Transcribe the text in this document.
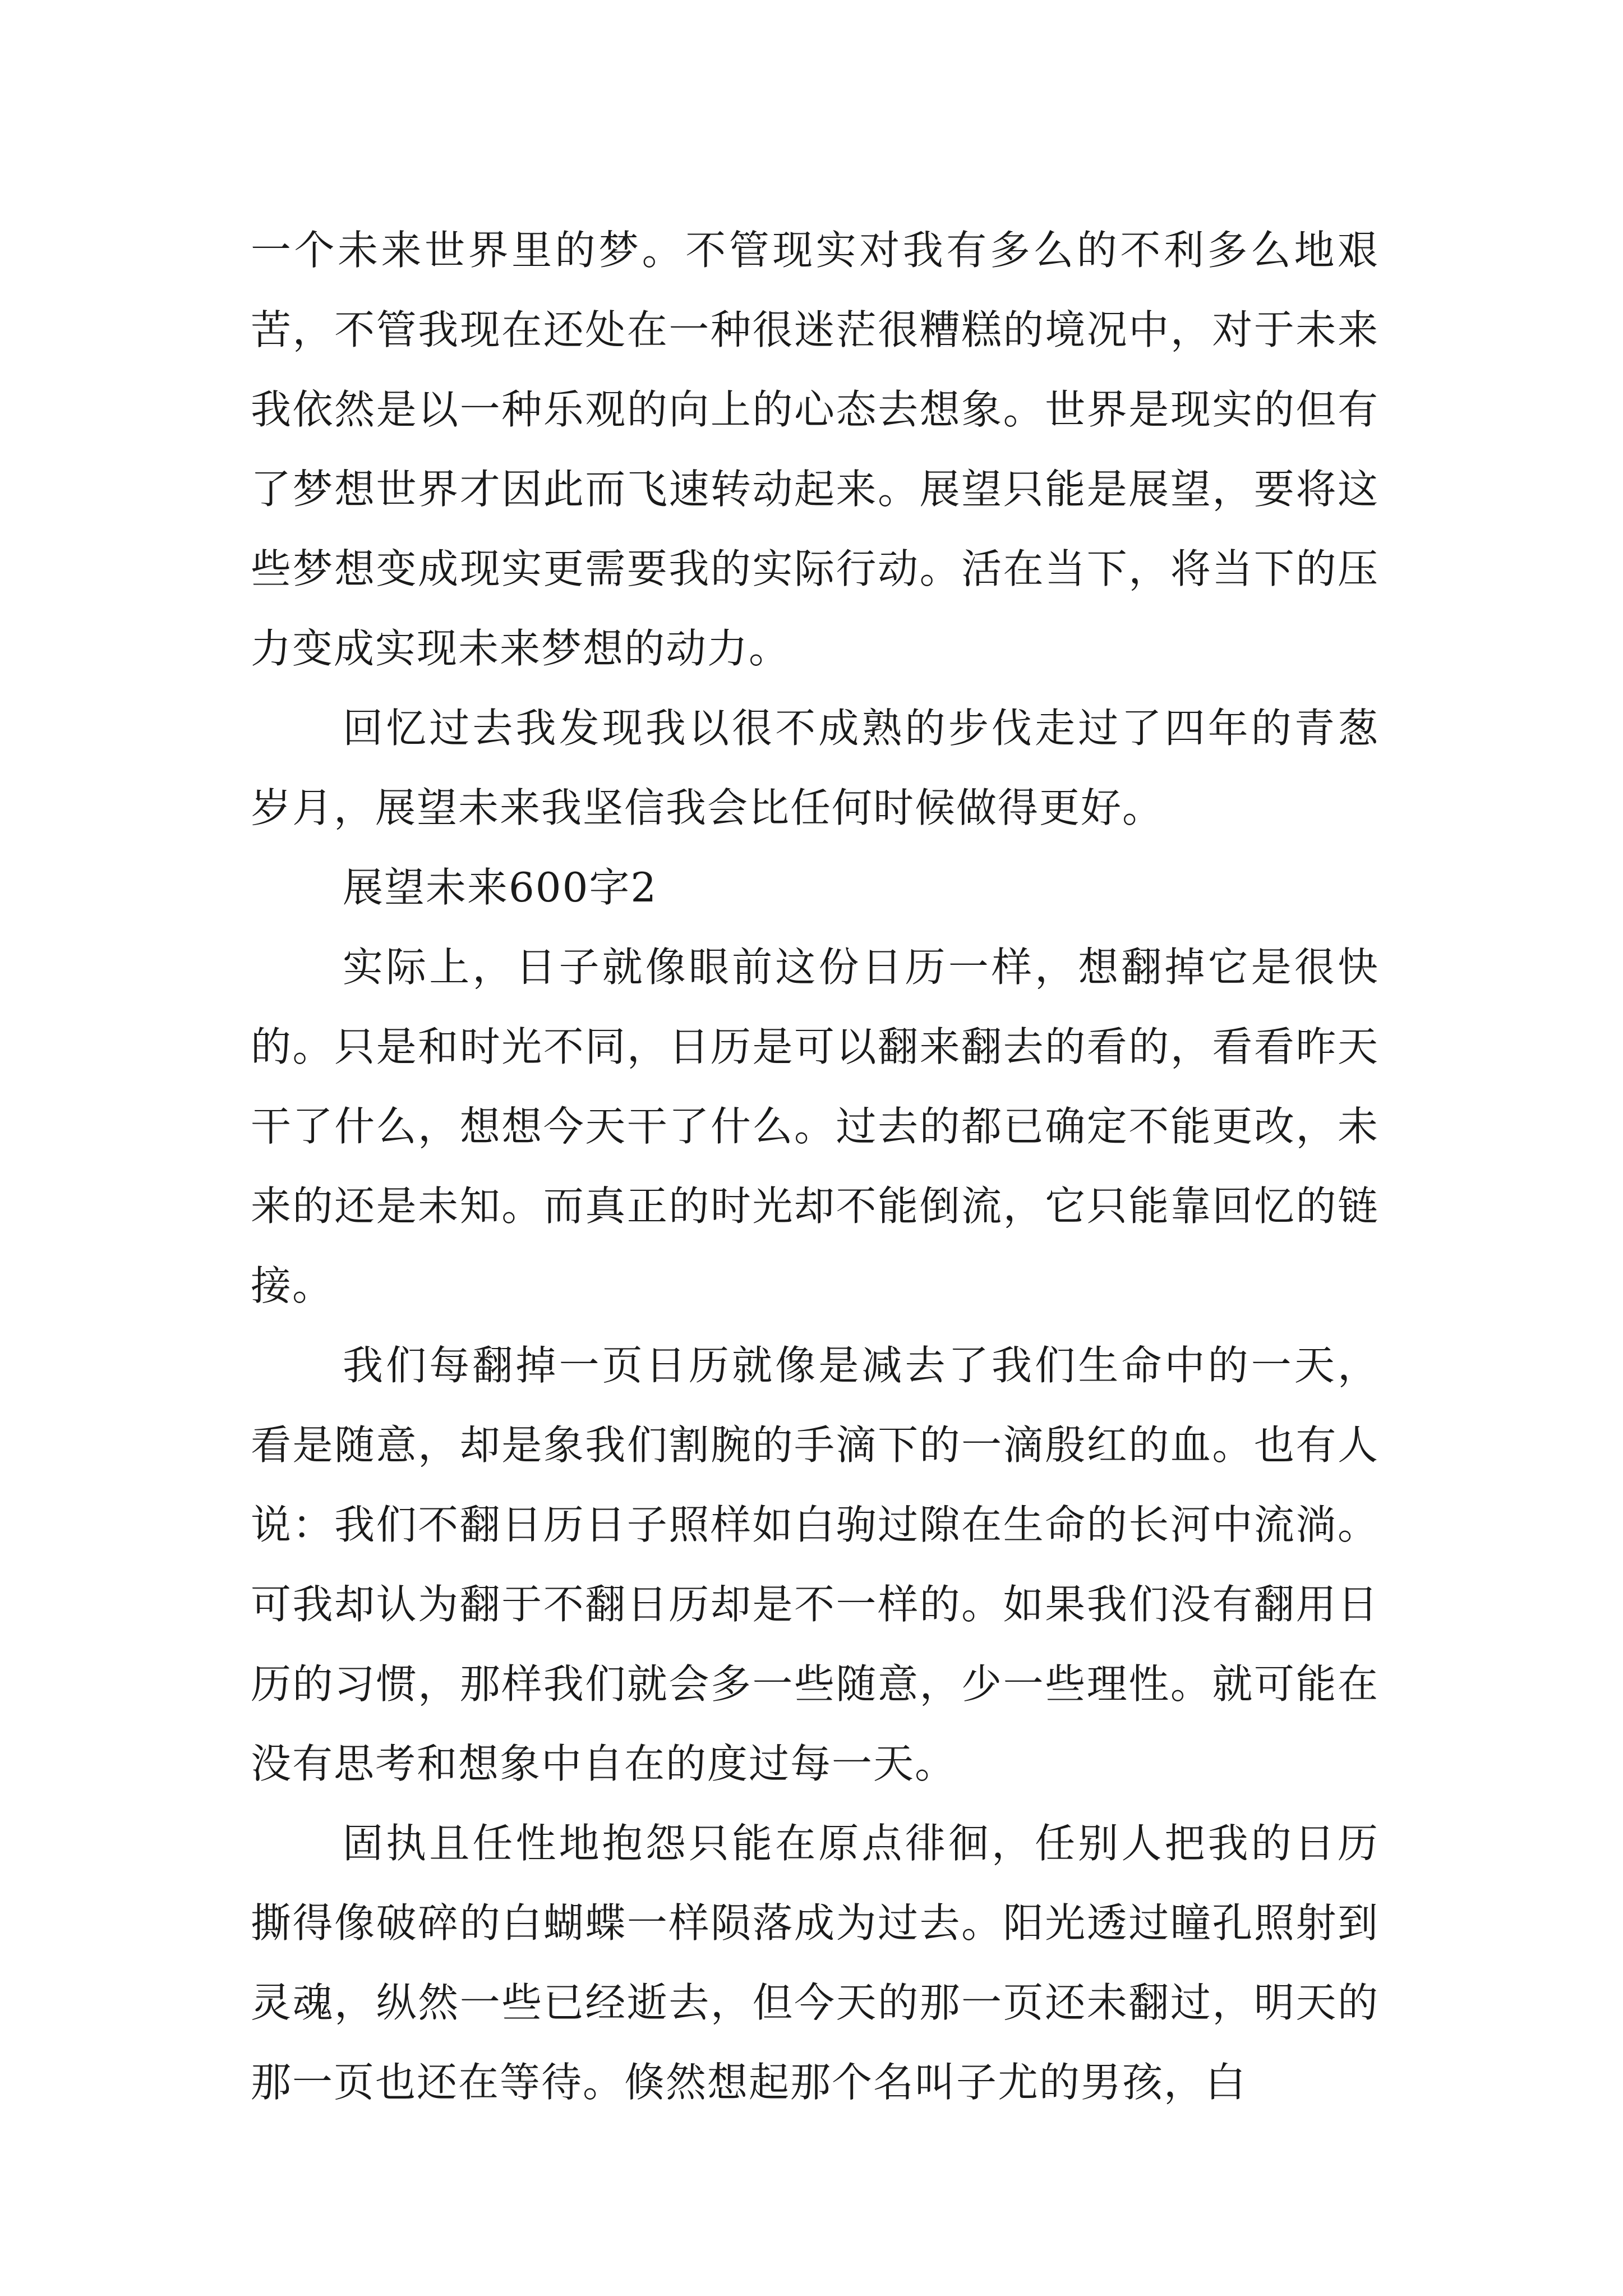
一个未来世界里的梦。不管现实对我有多么的不利多么地艰苦，不管我现在还处在一种很迷茫很糟糕的境况中，对于未来我依然是以一种乐观的向上的心态去想象。世界是现实的但有了梦想世界才因此而飞速转动起来。展望只能是展望，要将这些梦想变成现实更需要我的实际行动。活在当下，将当下的压力变成实现未来梦想的动力。

回忆过去我发现我以很不成熟的步伐走过了四年的青葱岁月，展望未来我坚信我会比任何时候做得更好。

展望未来600字2

实际上，日子就像眼前这份日历一样，想翻掉它是很快的。只是和时光不同，日历是可以翻来翻去的看的，看看昨天干了什么，想想今天干了什么。过去的都已确定不能更改，未来的还是未知。而真正的时光却不能倒流，它只能靠回忆的链接。

我们每翻掉一页日历就像是减去了我们生命中的一天，看是随意，却是象我们割腕的手滴下的一滴殷红的血。也有人说：我们不翻日历日子照样如白驹过隙在生命的长河中流淌。可我却认为翻于不翻日历却是不一样的。如果我们没有翻用日历的习惯，那样我们就会多一些随意，少一些理性。就可能在没有思考和想象中自在的度过每一天。

固执且任性地抱怨只能在原点徘徊，任别人把我的日历撕得像破碎的白蝴蝶一样陨落成为过去。阳光透过瞳孔照射到灵魂，纵然一些已经逝去，但今天的那一页还未翻过，明天的那一页也还在等待。倏然想起那个名叫子尤的男孩，白
